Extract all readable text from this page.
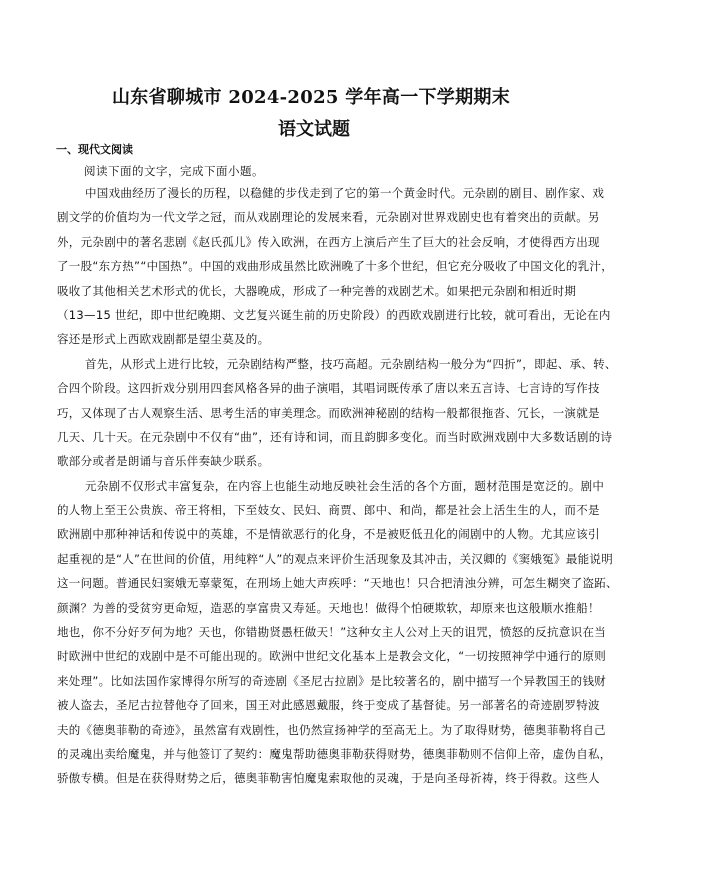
山东省聊城市 2024-2025 学年高一下学期期末
语文试题
一、现代文阅读
阅读下面的文字，完成下面小题。
中国戏曲经历了漫长的历程，以稳健的步伐走到了它的第一个黄金时代。元杂剧的剧目、剧作家、戏
剧文学的价值均为一代文学之冠，而从戏剧理论的发展来看，元杂剧对世界戏剧史也有着突出的贡献。另
外，元杂剧中的著名悲剧《赵氏孤儿》传入欧洲，在西方上演后产生了巨大的社会反响，才使得西方出现
了一股“东方热”“中国热”。中国的戏曲形成虽然比欧洲晚了十多个世纪，但它充分吸收了中国文化的乳汁，
吸收了其他相关艺术形式的优长，大器晚成，形成了一种完善的戏剧艺术。如果把元杂剧和相近时期
（13—15 世纪，即中世纪晚期、文艺复兴诞生前的历史阶段）的西欧戏剧进行比较，就可看出，无论在内
容还是形式上西欧戏剧都是望尘莫及的。
首先，从形式上进行比较，元杂剧结构严整，技巧高超。元杂剧结构一般分为“四折”，即起、承、转、
合四个阶段。这四折戏分别用四套风格各异的曲子演唱，其唱词既传承了唐以来五言诗、七言诗的写作技
巧，又体现了古人观察生活、思考生活的审美理念。而欧洲神秘剧的结构一般都很拖沓、冗长，一演就是
几天、几十天。在元杂剧中不仅有“曲”，还有诗和词，而且韵脚多变化。而当时欧洲戏剧中大多数话剧的诗
歌部分或者是朗诵与音乐伴奏缺少联系。
元杂剧不仅形式丰富复杂，在内容上也能生动地反映社会生活的各个方面，题材范围是宽泛的。剧中
的人物上至王公贵族、帝王将相，下至妓女、民妇、商贾、郎中、和尚，都是社会上活生生的人，而不是
欧洲剧中那种神话和传说中的英雄，不是情欲恶行的化身，不是被贬低丑化的闹剧中的人物。尤其应该引
起重视的是“人”在世间的价值，用纯粹“人”的观点来评价生活现象及其冲击，关汉卿的《窦娥冤》最能说明
这一问题。普通民妇窦娥无辜蒙冤，在刑场上她大声疾呼：“天地也！只合把清浊分辨，可怎生糊突了盗跖、
颜渊？为善的受贫穷更命短，造恶的享富贵又寿延。天地也！做得个怕硬欺软，却原来也这般顺水推船！
地也，你不分好歹何为地？天也，你错勘贤愚枉做天！”这种女主人公对上天的诅咒，愤怒的反抗意识在当
时欧洲中世纪的戏剧中是不可能出现的。欧洲中世纪文化基本上是教会文化，“一切按照神学中通行的原则
来处理”。比如法国作家博得尔所写的奇迹剧《圣尼古拉剧》是比较著名的，剧中描写一个异教国王的钱财
被人盗去，圣尼古拉替他夺了回来，国王对此感恩戴服，终于变成了基督徒。另一部著名的奇迹剧罗特波
夫的《德奥菲勒的奇迹》，虽然富有戏剧性，也仍然宣扬神学的至高无上。为了取得财势，德奥菲勒将自己
的灵魂出卖给魔鬼，并与他签订了契约：魔鬼帮助德奥菲勒获得财势，德奥菲勒则不信仰上帝，虚伪自私，
骄傲专横。但是在获得财势之后，德奥菲勒害怕魔鬼索取他的灵魂，于是向圣母祈祷，终于得救。这些人
